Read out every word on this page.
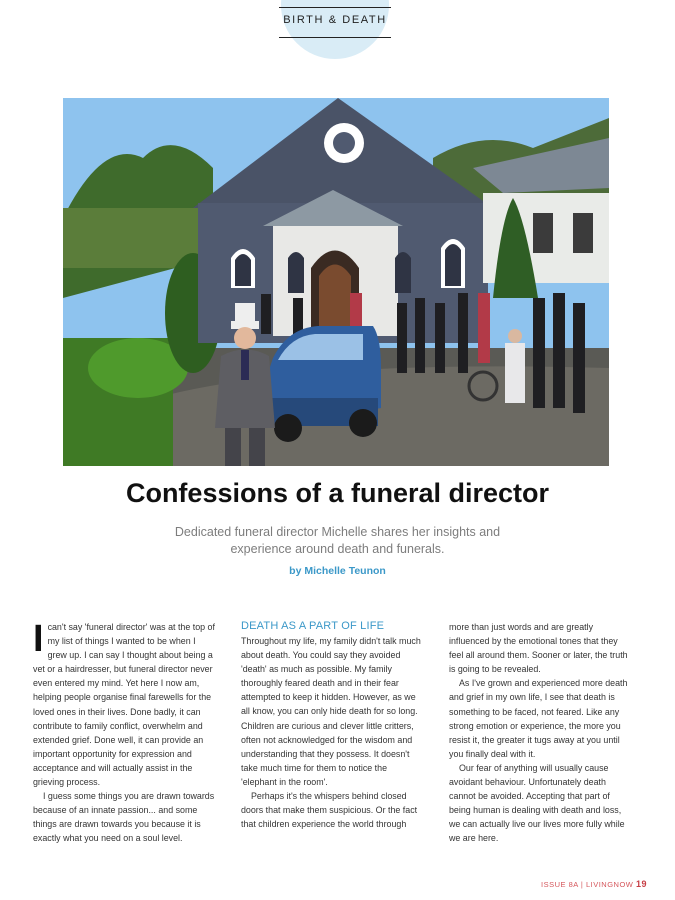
BIRTH & DEATH
Confessions of a funeral director

Dedicated funeral director Michelle shares her insights and
experience around death and funerals.

by Michelle Teunon

Ican't say 'funeral director' was at the top of my list of things I wanted to be when I grew up. I can say I thought about being a vet or a hairdresser, but funeral director never even entered my mind. Yet here I now am, helping people organise final farewells for the loved ones in their lives. Done badly, it can contribute to family conflict, overwhelm and extended grief. Done well, it can provide an important opportunity for expression and acceptance and will actually assist in the grieving process.

I guess some things you are drawn towards because of an innate passion... and some things are drawn towards you because it is exactly what you need on a soul level.

DEATH AS A PART OF LIFE

Throughout my life, my family didn't talk much about death. You could say they avoided 'death' as much as possible. My family thoroughly feared death and in their fear attempted to keep it hidden. However, as we all know, you can only hide death for so long. Children are curious and clever little critters, often not acknowledged for the wisdom and understanding that they possess. It doesn't take much time for them to notice the 'elephant in the room'.

Perhaps it's the whispers behind closed doors that make them suspicious. Or the fact that children experience the world through

more than just words and are greatly influenced by the emotional tones that they feel all around them. Sooner or later, the truth is going to be revealed.

As I've grown and experienced more death and grief in my own life, I see that death is something to be faced, not feared. Like any strong emotion or experience, the more you resist it, the greater it tugs away at you until you finally deal with it.

Our fear of anything will usually cause avoidant behaviour. Unfortunately death cannot be avoided. Accepting that part of being human is dealing with death and loss, we can actually live our lives more fully while we are here.

ISSUE 8A | LIVINGNOW 19
